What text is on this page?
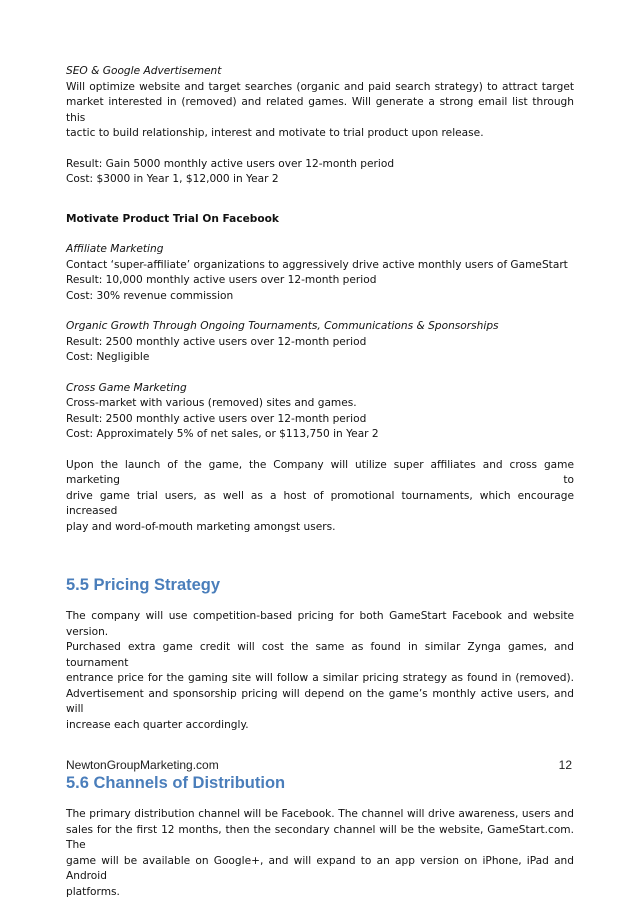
SEO & Google Advertisement

Will optimize website and target searches (organic and paid search strategy) to attract target

market interested in (removed) and related games. Will generate a strong email list through this

tactic to build relationship, interest and motivate to trial product upon release.

Result: Gain 5000 monthly active users over 12-month period

Cost: $3000 in Year 1, $12,000 in Year 2

Motivate Product Trial On Facebook

Affiliate Marketing

Contact ‘super-affiliate’ organizations to aggressively drive active monthly users of GameStart

Result: 10,000 monthly active users over 12-month period

Cost: 30% revenue commission

Organic Growth Through Ongoing Tournaments, Communications & Sponsorships

Result: 2500 monthly active users over 12-month period

Cost: Negligible

Cross Game Marketing

Cross-market with various (removed) sites and games.

Result: 2500 monthly active users over 12-month period

Cost: Approximately 5% of net sales, or $113,750 in Year 2

Upon the launch of the game, the Company will utilize super affiliates and cross game marketing to

drive game trial users, as well as a host of promotional tournaments, which encourage increased

play and word-of-mouth marketing amongst users.

5.5 Pricing Strategy

The company will use competition-based pricing for both GameStart Facebook and website version.

Purchased extra game credit will cost the same as found in similar Zynga games, and tournament

entrance price for the gaming site will follow a similar pricing strategy as found in (removed).

Advertisement and sponsorship pricing will depend on the game’s monthly active users, and will

increase each quarter accordingly.

5.6 Channels of Distribution

The primary distribution channel will be Facebook. The channel will drive awareness, users and

sales for the first 12 months, then the secondary channel will be the website, GameStart.com. The

game will be available on Google+, and will expand to an app version on iPhone, iPad and Android

platforms.

NewtonGroupMarketing.com	12
